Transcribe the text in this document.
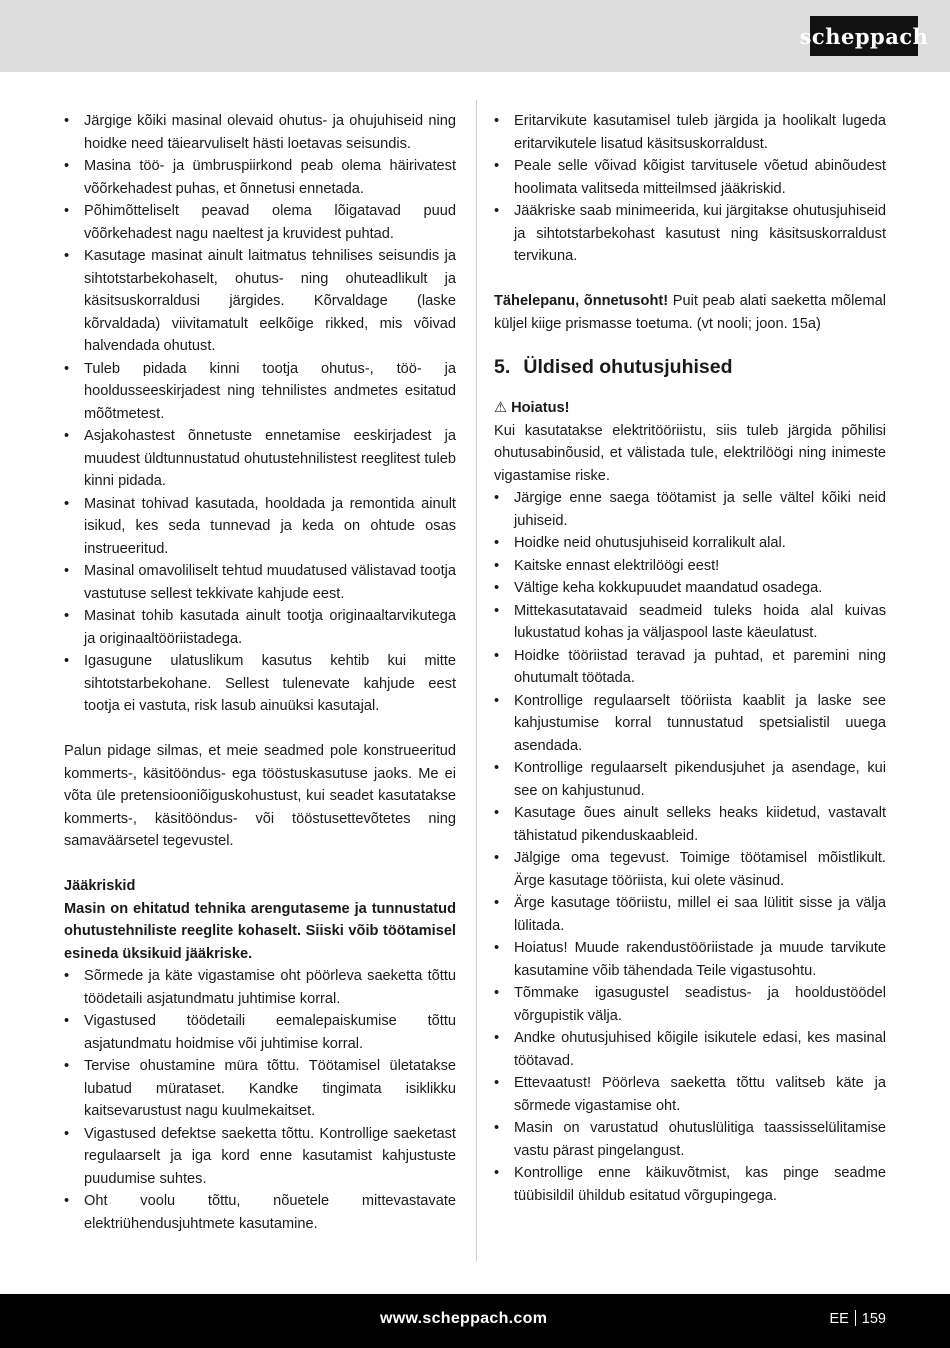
scheppach
• Järgige kõiki masinal olevaid ohutus- ja ohujuhiseid ning hoidke need täiearvuliselt hästi loetavas seisundis.
• Masina töö- ja ümbruspiirkond peab olema häirivatest võõrkehadest puhas, et õnnetusi ennetada.
• Põhimõtteliselt peavad olema lõigatavad puud võõrkehadest nagu naeltest ja kruvidest puhtad.
• Kasutage masinat ainult laitmatus tehnilises seisundis ja sihtotstarbekohaselt, ohutus- ning ohuteadlikult ja käsitsuskorraldusi järgides. Kõrvaldage (laske kõrvaldada) viivitamatult eelkõige rikked, mis võivad halvendada ohutust.
• Tuleb pidada kinni tootja ohutus-, töö- ja hooldusseeskirjadest ning tehnilistes andmetes esitatud mõõtmetest.
• Asjakohastest õnnetuste ennetamise eeskirjadest ja muudest üldtunnustatud ohutustehnilistest reeglitest tuleb kinni pidada.
• Masinat tohivad kasutada, hooldada ja remontida ainult isikud, kes seda tunnevad ja keda on ohtude osas instrueeritud.
• Masinal omavoliliselt tehtud muudatused välistavad tootja vastutuse sellest tekkivate kahjude eest.
• Masinat tohib kasutada ainult tootja originaaltarvikutega ja originaaltööriistadega.
• Igasugune ulatuslikum kasutus kehtib kui mitte sihtotstarbekohane. Sellest tulenevate kahjude eest tootja ei vastuta, risk lasub ainuüksi kasutajal.

Palun pidage silmas, et meie seadmed pole konstrueeritud kommerts-, käsitööndus- ega tööstuskasutuse jaoks. Me ei võta üle pretensiooniõiguskohustust, kui seadet kasutatakse kommerts-, käsitööndus- või tööstusettevõtetes ning samaväärsetel tegevustel.

Jääkriskid

Masin on ehitatud tehnika arengutaseme ja tunnustatud ohutustehniliste reeglite kohaselt. Siiski võib töötamisel esineda üksikuid jääkriske.

• Sõrmede ja käte vigastamise oht pöörleva saeketta tõttu töödetaili asjatundmatu juhtimise korral.
• Vigastused töödetaili eemalepaiskumise tõttu asjatundmatu hoidmise või juhtimise korral.
• Tervise ohustamine müra tõttu. Töötamisel ületatakse lubatud mürataset. Kandke tingimata isiklikku kaitsevarustust nagu kuulmekaitset.
• Vigastused defektse saeketta tõttu. Kontrollige saeketast regulaarselt ja iga kord enne kasutamist kahjustuste puudumise suhtes.
• Oht voolu tõttu, nõuetele mittevastavate elektriühendusjuhtmete kasutamine.
• Eritarvikute kasutamisel tuleb järgida ja hoolikalt lugeda eritarvikutele lisatud käsitsuskorraldust.
• Peale selle võivad kõigist tarvitusele võetud abinõudest hoolimata valitseda mitteilmsed jääkriskid.
• Jääkriske saab minimeerida, kui järgitakse ohutusjuhiseid ja sihtotstarbekohast kasutust ning käsitsuskorraldust tervikuna.

Tähelepanu, õnnetusoht! Puit peab alati saeketta mõlemal küljel kiige prismasse toetuma. (vt nooli; joon. 15a)

5. Üldised ohutusjuhised

⚠ Hoiatus!

Kui kasutatakse elektritööriistu, siis tuleb järgida põhilisi ohutusabinõusid, et välistada tule, elektrilöögi ning inimeste vigastamise riske.

• Järgige enne saega töötamist ja selle vältel kõiki neid juhiseid.
• Hoidke neid ohutusjuhiseid korralikult alal.
• Kaitske ennast elektrilöögi eest!
• Vältige keha kokkupuudet maandatud osadega.
• Mittekasutatavaid seadmeid tuleks hoida alal kuivas lukustatud kohas ja väljaspool laste käeulatust.
• Hoidke tööriistad teravad ja puhtad, et paremini ning ohutumalt töötada.
• Kontrollige regulaarselt tööriista kaablit ja laske see kahjustumise korral tunnustatud spetsialistil uuega asendada.
• Kontrollige regulaarselt pikendusjuhet ja asendage, kui see on kahjustunud.
• Kasutage õues ainult selleks heaks kiidetud, vastavalt tähistatud pikenduskaableid.
• Jälgige oma tegevust. Toimige töötamisel mõistlikult. Ärge kasutage tööriista, kui olete väsinud.
• Ärge kasutage tööriistu, millel ei saa lülitit sisse ja välja lülitada.
• Hoiatus! Muude rakendustööriistade ja muude tarvikute kasutamine võib tähendada Teile vigastusohtu.
• Tõmmake igasugustel seadistus- ja hooldustöödel võrgupistik välja.
• Andke ohutusjuhised kõigile isikutele edasi, kes masinal töötavad.
• Ettevaatust! Pöörleva saeketta tõttu valitseb käte ja sõrmede vigastamise oht.
• Masin on varustatud ohutuslülitiga taassisselülitamise vastu pärast pingelangust.
• Kontrollige enne käikuvõtmist, kas pinge seadme tüübisildil ühildub esitatud võrgupingega.
www.scheppach.com	EE 159
